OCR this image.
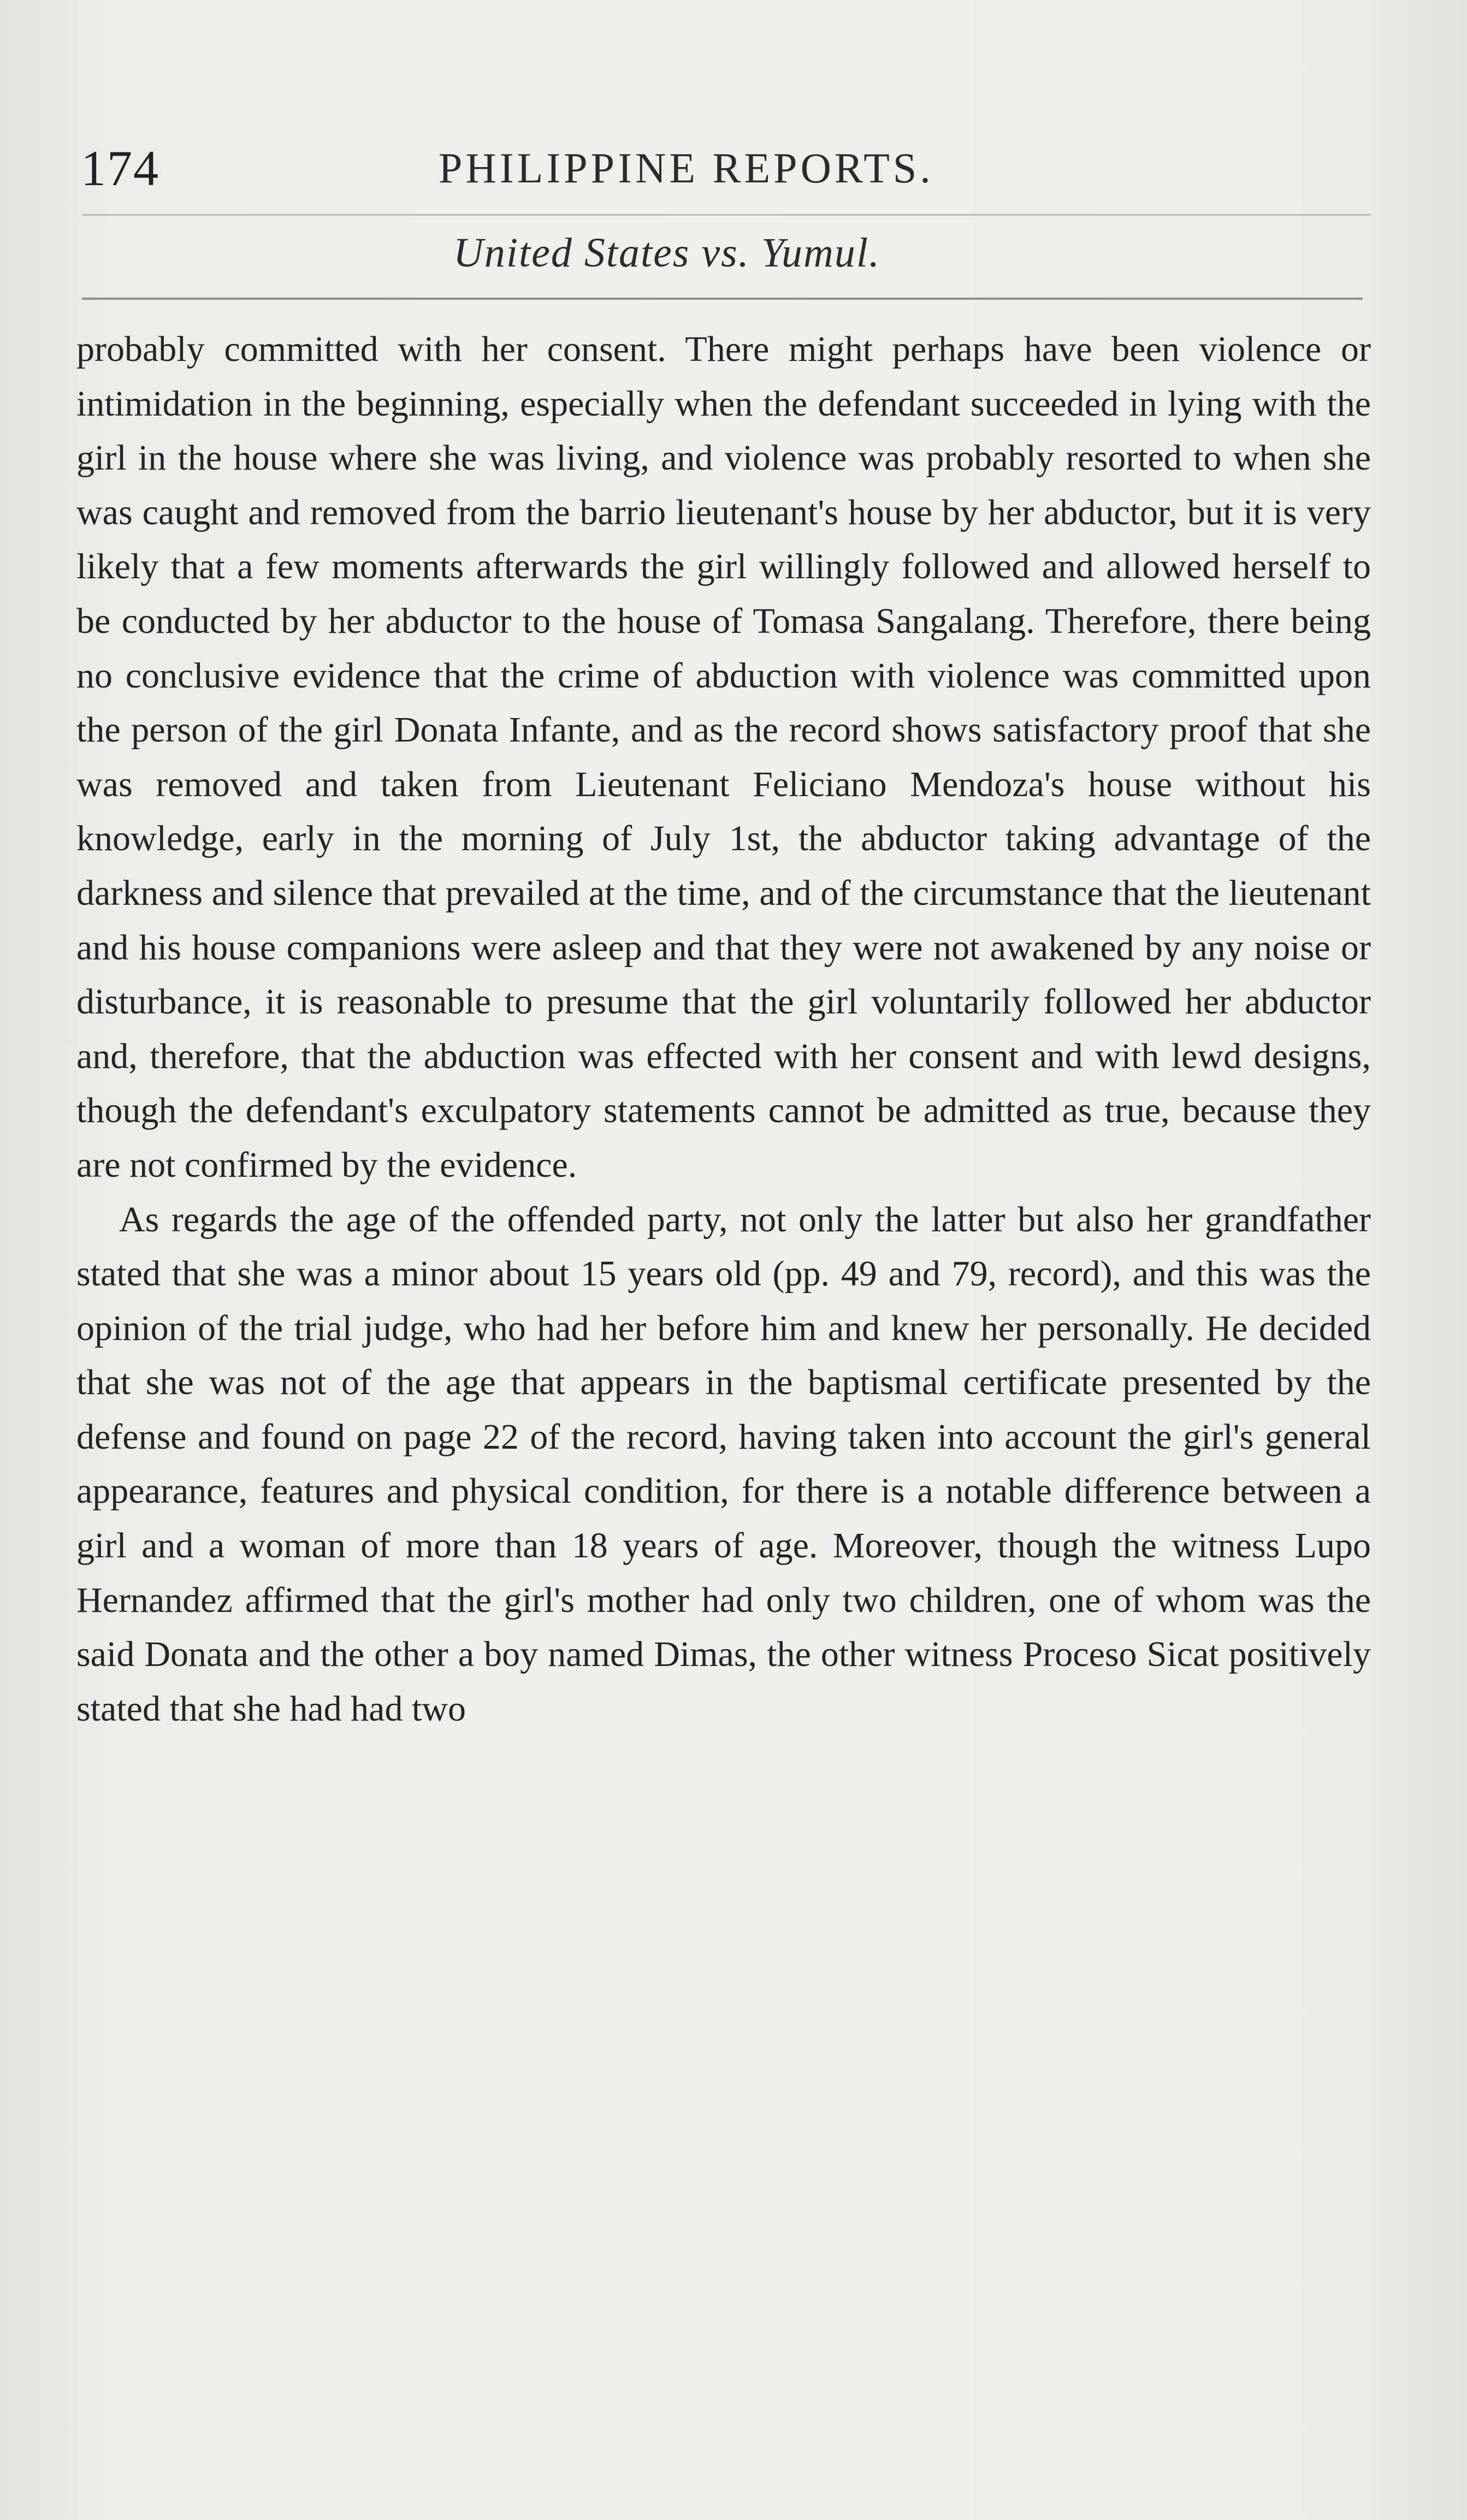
174	PHILIPPINE REPORTS.
United States vs. Yumul.

probably committed with her consent. There might perhaps have been violence or intimidation in the beginning, especially when the defendant succeeded in lying with the girl in the house where she was living, and violence was probably resorted to when she was caught and removed from the barrio lieutenant's house by her abductor, but it is very likely that a few moments afterwards the girl willingly followed and allowed herself to be conducted by her abductor to the house of Tomasa Sangalang. Therefore, there being no conclusive evidence that the crime of abduction with violence was committed upon the person of the girl Donata Infante, and as the record shows satisfactory proof that she was removed and taken from Lieutenant Feliciano Mendoza's house without his knowledge, early in the morning of July 1st, the abductor taking advantage of the darkness and silence that prevailed at the time, and of the circumstance that the lieutenant and his house companions were asleep and that they were not awakened by any noise or disturbance, it is reasonable to presume that the girl voluntarily followed her abductor and, therefore, that the abduction was effected with her consent and with lewd designs, though the defendant's exculpatory statements cannot be admitted as true, because they are not confirmed by the evidence.

As regards the age of the offended party, not only the latter but also her grandfather stated that she was a minor about 15 years old (pp. 49 and 79, record), and this was the opinion of the trial judge, who had her before him and knew her personally. He decided that she was not of the age that appears in the baptismal certificate presented by the defense and found on page 22 of the record, having taken into account the girl's general appearance, features and physical condition, for there is a notable difference between a girl and a woman of more than 18 years of age. Moreover, though the witness Lupo Hernandez affirmed that the girl's mother had only two children, one of whom was the said Donata and the other a boy named Dimas, the other witness Proceso Sicat positively stated that she had had two
